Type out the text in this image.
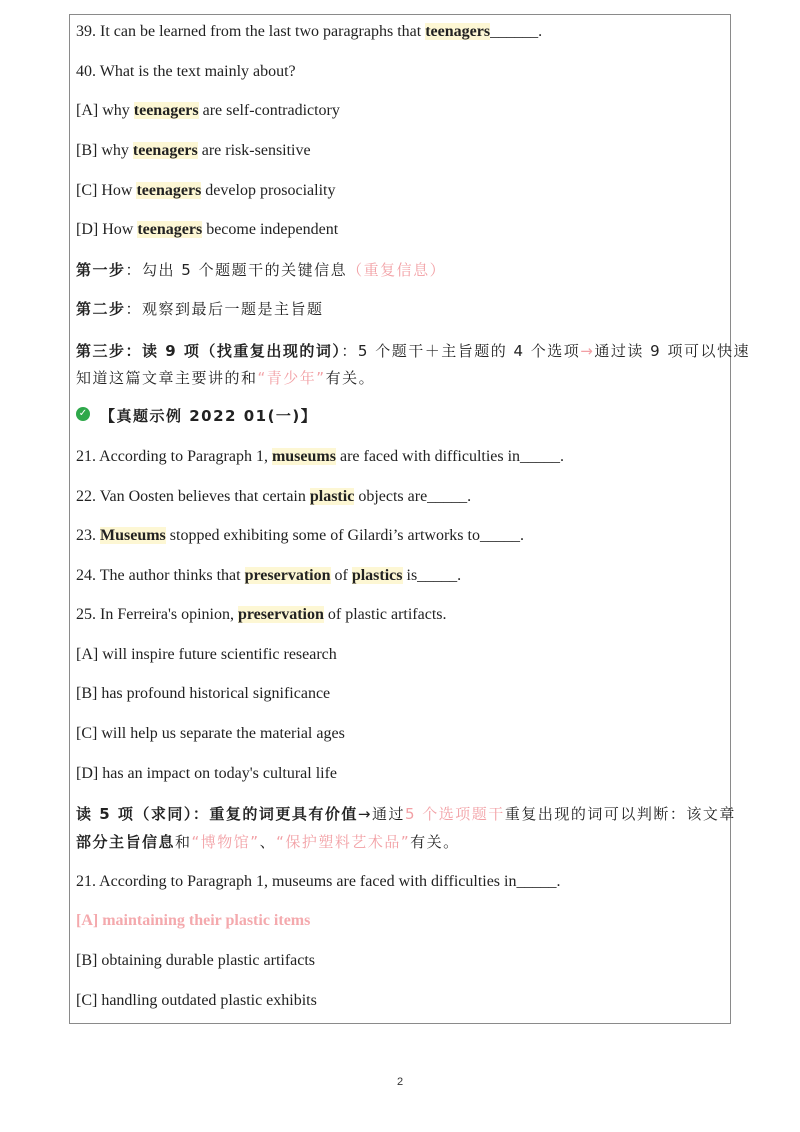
39. It can be learned from the last two paragraphs that teenagers______.
40. What is the text mainly about?
[A] why teenagers are self-contradictory
[B] why teenagers are risk-sensitive
[C] How teenagers develop prosociality
[D] How teenagers become independent
第一步：勾出 5 个题题干的关键信息（重复信息）
第二步：观察到最后一题是主旨题
第三步：读 9 项（找重复出现的词）：5 个题干＋主旨题的 4 个选项→通过读 9 项可以快速
知道这篇文章主要讲的和“青少年”有关。
✓ 【真题示例 2022 01(一)】
21. According to Paragraph 1, museums are faced with difficulties in_____.
22. Van Oosten believes that certain plastic objects are_____.
23. Museums stopped exhibiting some of Gilardi’s artworks to_____.
24. The author thinks that preservation of plastics is_____.
25. In Ferreira's opinion, preservation of plastic artifacts.
[A] will inspire future scientific research
[B] has profound historical significance
[C] will help us separate the material ages
[D] has an impact on today's cultural life
读 5 项（求同）：重复的词更具有价值→通过5 个选项题干重复出现的词可以判断：该文章
部分主旨信息和“博物馆”、“保护塑料艺术品”有关。
21. According to Paragraph 1, museums are faced with difficulties in_____.
[A] maintaining their plastic items
[B] obtaining durable plastic artifacts
[C] handling outdated plastic exhibits
2
